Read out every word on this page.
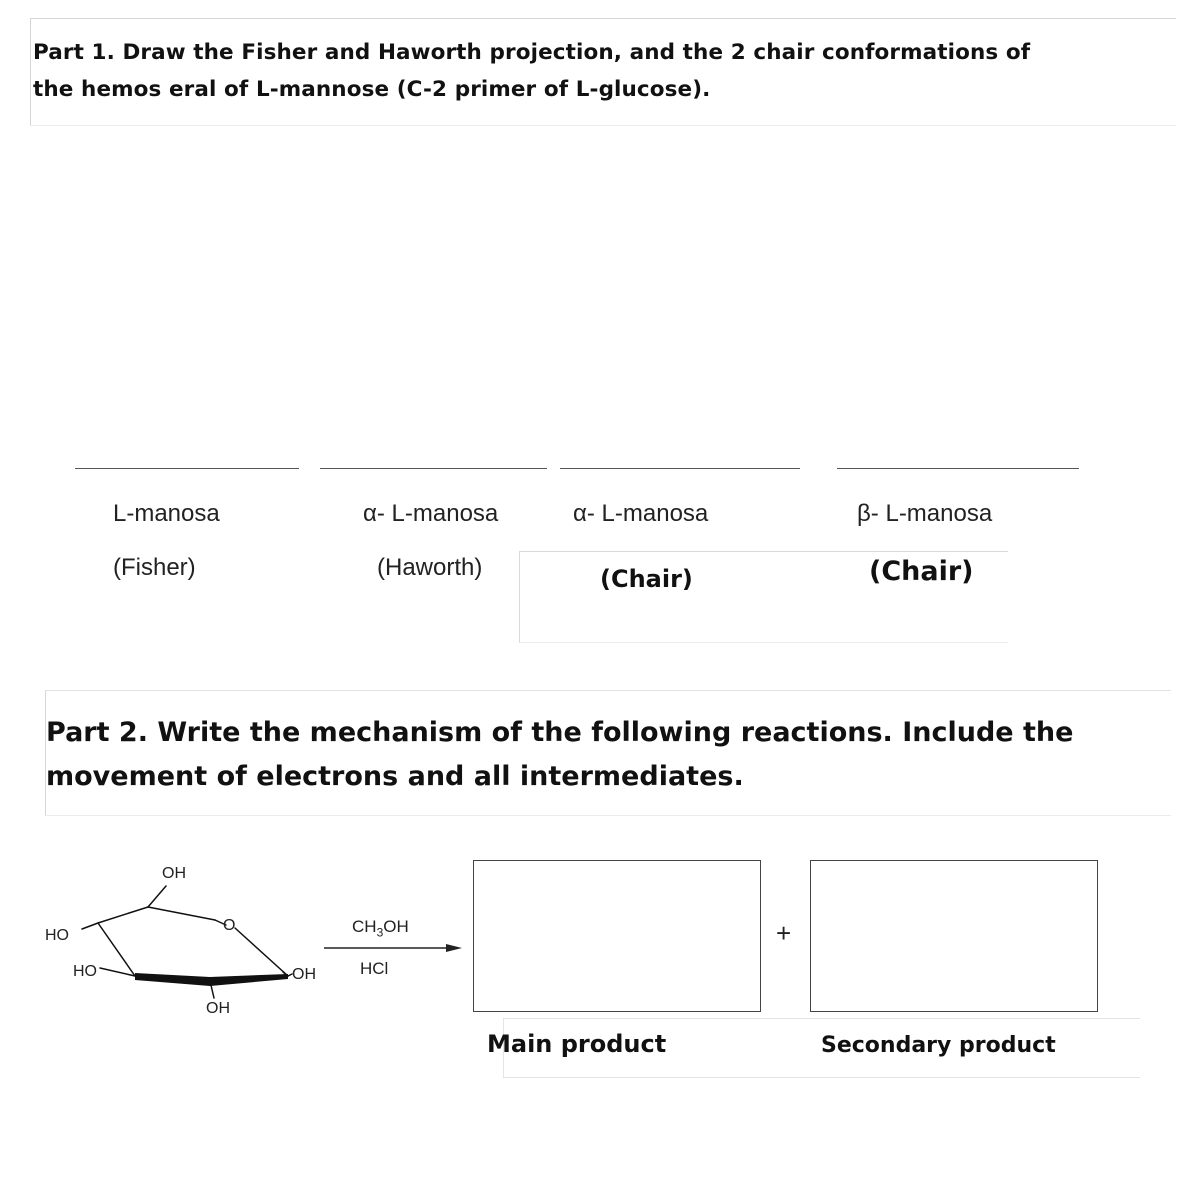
Part 1. Draw the Fisher and Haworth projection, and the 2 chair conformations of
the hemos eral of L-mannose (C-2 primer of L-glucose).
L-manosa
(Fisher)
α- L-manosa
(Haworth)
α- L-manosa
(Chair)
β- L-manosa
(Chair)
Part 2. Write the mechanism of the following reactions. Include the
movement of electrons and all intermediates.
OH
O
HO
HO	OH
OH
$CH_3OH$
HCl
+
Main product	Secondary product
